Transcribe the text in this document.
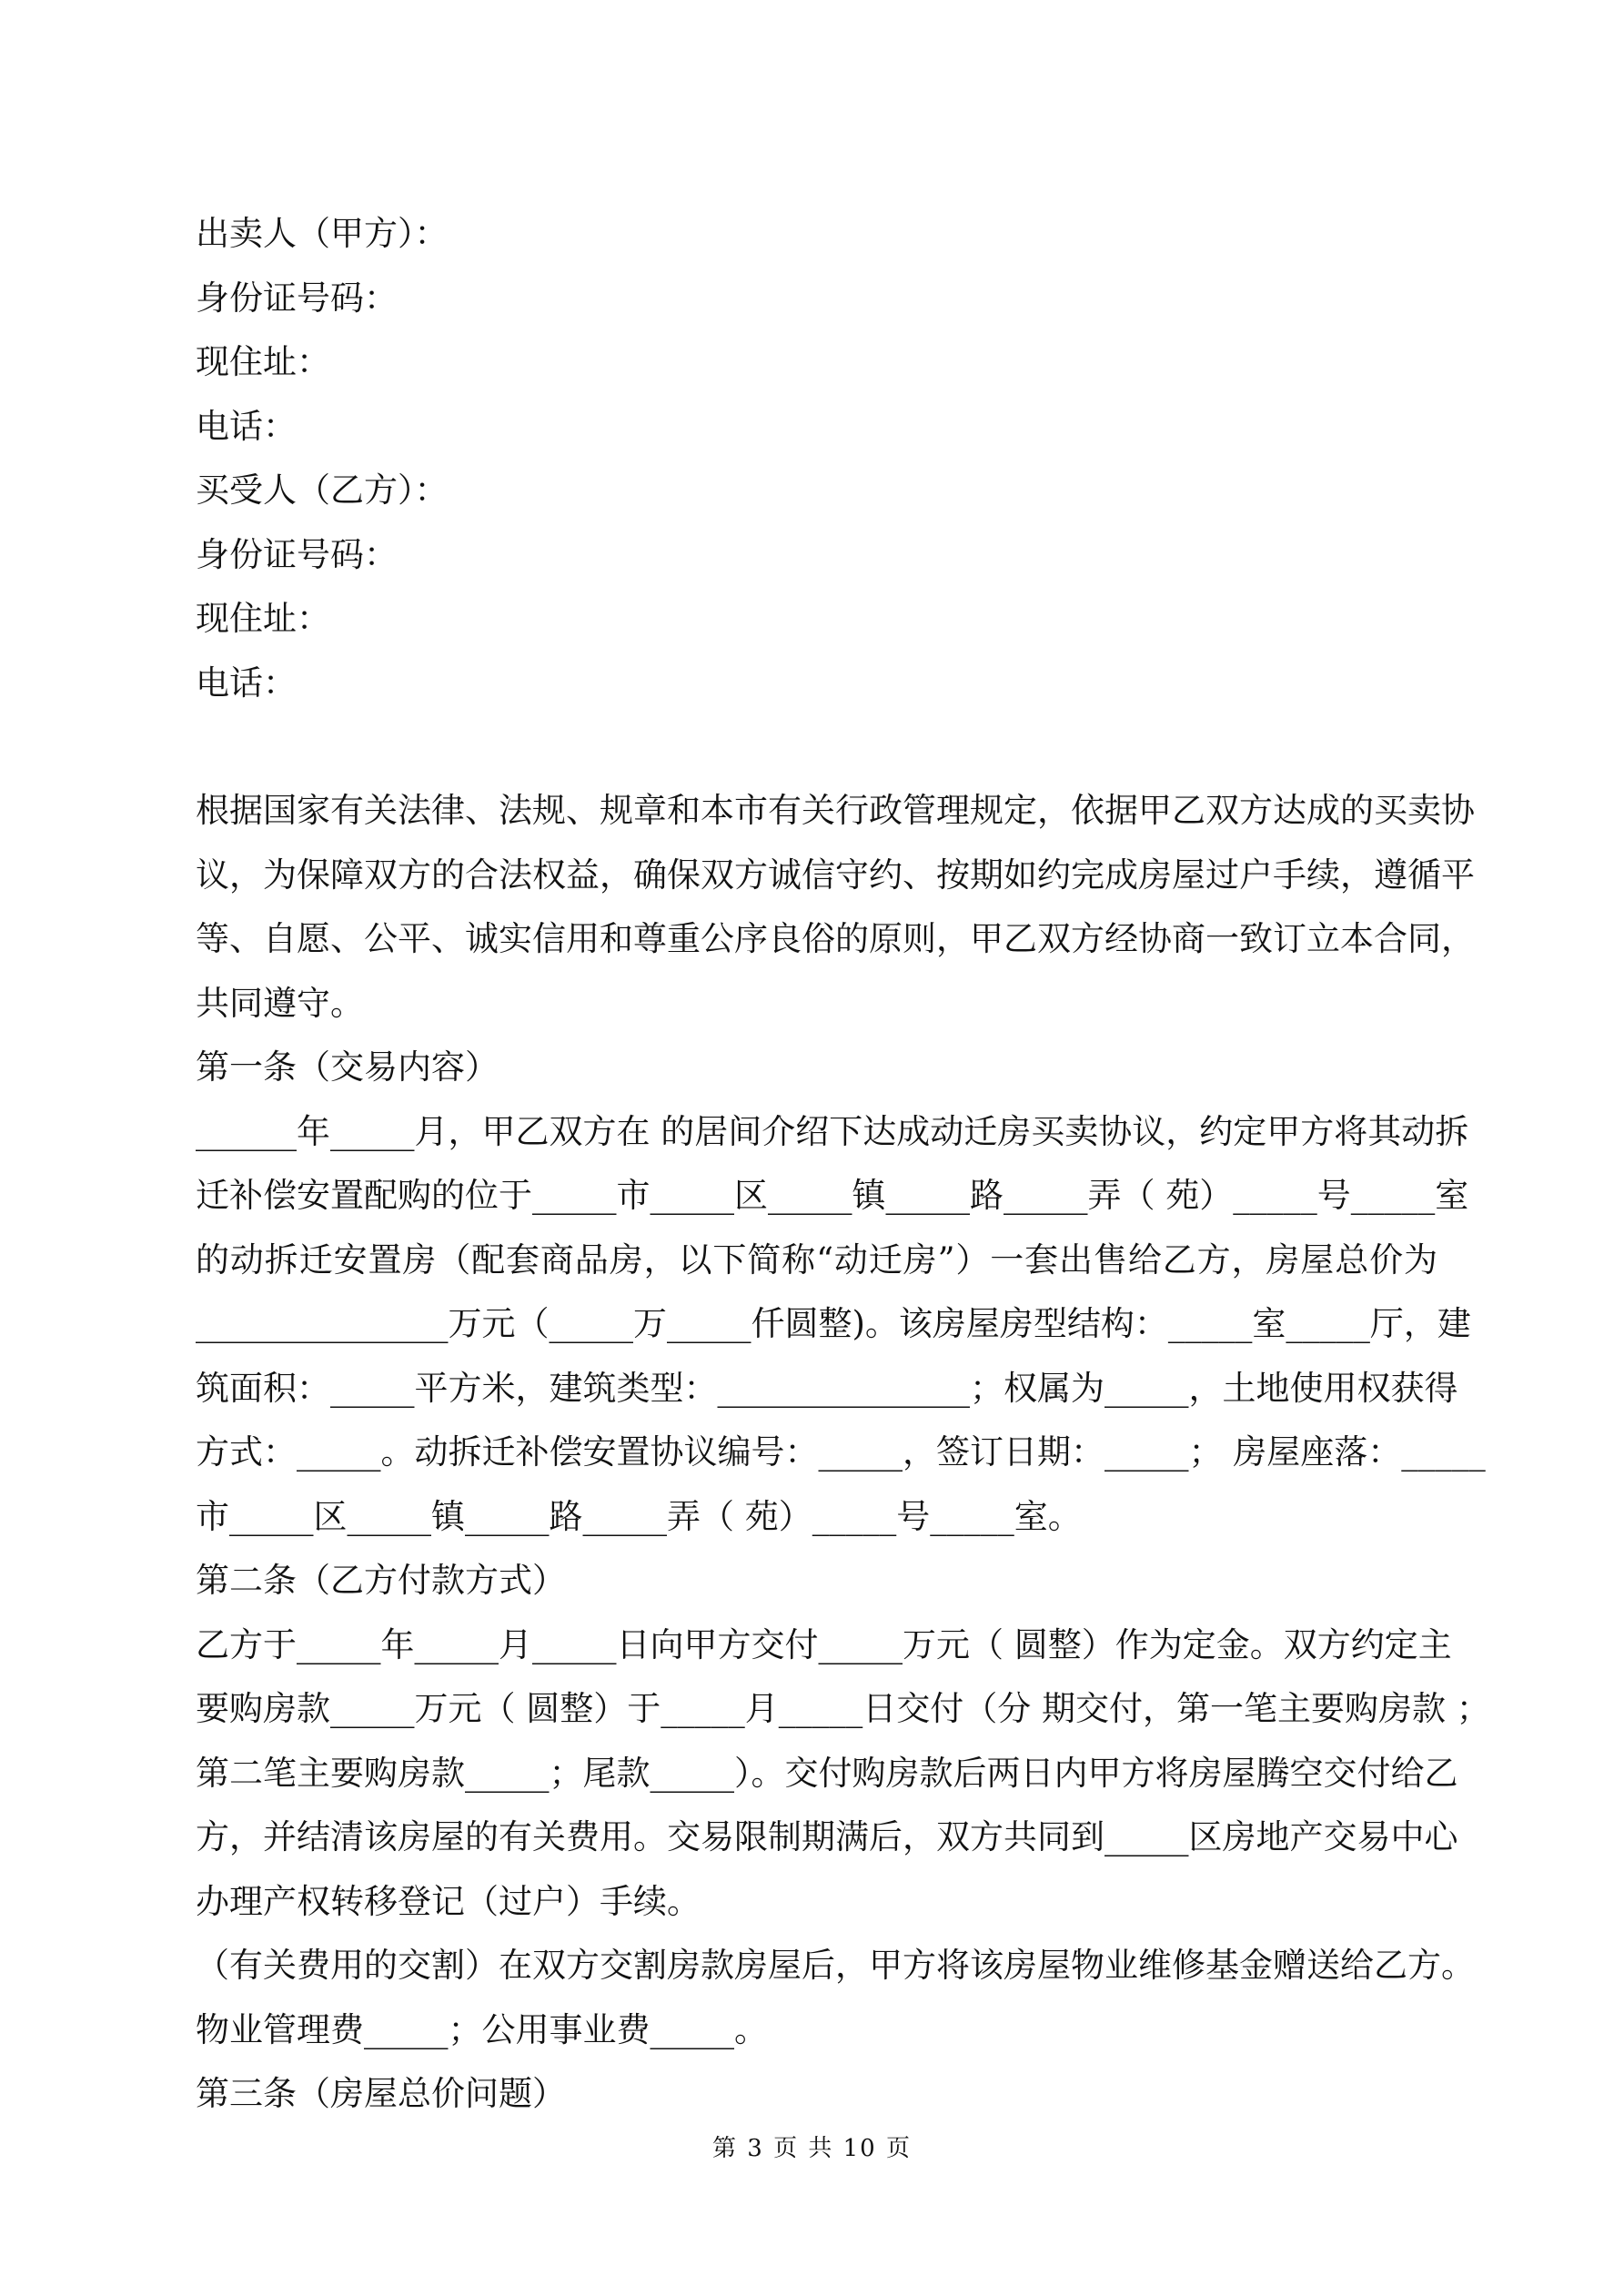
出卖人（甲方）：
身份证号码：
现住址：
电话：
买受人（乙方）：
身份证号码：
现住址：
电话：
根据国家有关法律、法规、规章和本市有关行政管理规定，依据甲乙双方达成的买卖协
议，为保障双方的合法权益，确保双方诚信守约、按期如约完成房屋过户手续，遵循平
等、自愿、公平、诚实信用和尊重公序良俗的原则，甲乙双方经协商一致订立本合同，
共同遵守。
第一条（交易内容）
______年_____月，甲乙双方在 的居间介绍下达成动迁房买卖协议，约定甲方将其动拆
迁补偿安置配购的位于_____市_____区_____镇_____路_____弄（ 苑）_____号_____室
的动拆迁安置房（配套商品房，以下简称“动迁房”）一套出售给乙方，房屋总价为
_______________万元（_____万_____仟圆整)。该房屋房型结构：_____室_____厅，建
筑面积：_____平方米，建筑类型：_______________；权属为_____，土地使用权获得
方式：_____。动拆迁补偿安置协议编号：_____，签订日期：_____； 房屋座落：_____
市_____区_____镇_____路_____弄（ 苑）_____号_____室。
第二条（乙方付款方式）
乙方于_____年_____月_____日向甲方交付_____万元（ 圆整）作为定金。双方约定主
要购房款_____万元（ 圆整）于_____月_____日交付（分 期交付，第一笔主要购房款 ；
第二笔主要购房款_____；尾款_____）。交付购房款后两日内甲方将房屋腾空交付给乙
方，并结清该房屋的有关费用。交易限制期满后，双方共同到_____区房地产交易中心
办理产权转移登记（过户）手续。
（有关费用的交割）在双方交割房款房屋后，甲方将该房屋物业维修基金赠送给乙方。
物业管理费_____；公用事业费_____。
第三条（房屋总价问题）
第 3 页 共 10 页
